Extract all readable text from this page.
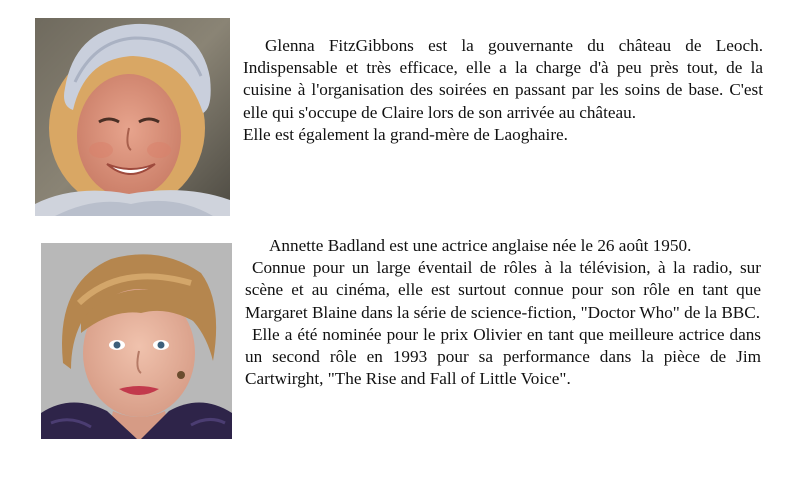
Glenna FitzGibbons est la gouvernante du château de Leoch. Indispensable et très efficace, elle a la charge d'à peu près tout, de la cuisine à l'organisation des soirées en passant par les soins de base. C'est elle qui s'occupe de Claire lors de son arrivée au château.

Elle est également la grand-mère de Laoghaire.

Annette Badland est une actrice anglaise née le 26 août 1950.

Connue pour un large éventail de rôles à la télévision, à la radio, sur scène et au cinéma, elle est surtout connue pour son rôle en tant que Margaret Blaine dans la série de science-fiction, "Doctor Who" de la BBC.

Elle a été nominée pour le prix Olivier en tant que meilleure actrice dans un second rôle en 1993 pour sa performance dans la pièce de Jim Cartwirght, "The Rise and Fall of Little Voice".
